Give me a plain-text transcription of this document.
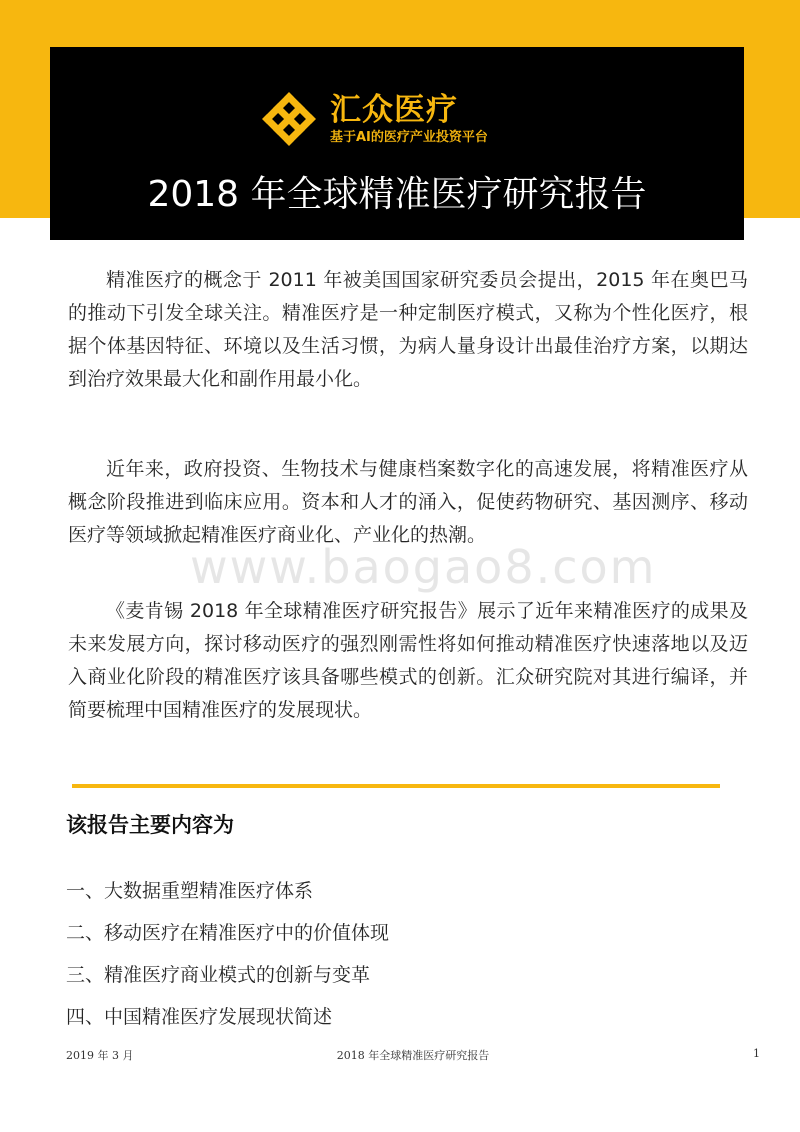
汇众医疗
基于AI的医疗产业投资平台
2018 年全球精准医疗研究报告
www.baogao8.com

精准医疗的概念于 2011 年被美国国家研究委员会提出，2015 年在奥巴马的推动下引发全球关注。精准医疗是一种定制医疗模式，又称为个性化医疗，根据个体基因特征、环境以及生活习惯，为病人量身设计出最佳治疗方案，以期达到治疗效果最大化和副作用最小化。

近年来，政府投资、生物技术与健康档案数字化的高速发展，将精准医疗从概念阶段推进到临床应用。资本和人才的涌入，促使药物研究、基因测序、移动医疗等领域掀起精准医疗商业化、产业化的热潮。

《麦肯锡 2018 年全球精准医疗研究报告》展示了近年来精准医疗的成果及未来发展方向，探讨移动医疗的强烈刚需性将如何推动精准医疗快速落地以及迈入商业化阶段的精准医疗该具备哪些模式的创新。汇众研究院对其进行编译，并简要梳理中国精准医疗的发展现状。

该报告主要内容为
一、大数据重塑精准医疗体系
二、移动医疗在精准医疗中的价值体现
三、精准医疗商业模式的创新与变革
四、中国精准医疗发展现状简述
2019 年 3 月	2018 年全球精准医疗研究报告	1
